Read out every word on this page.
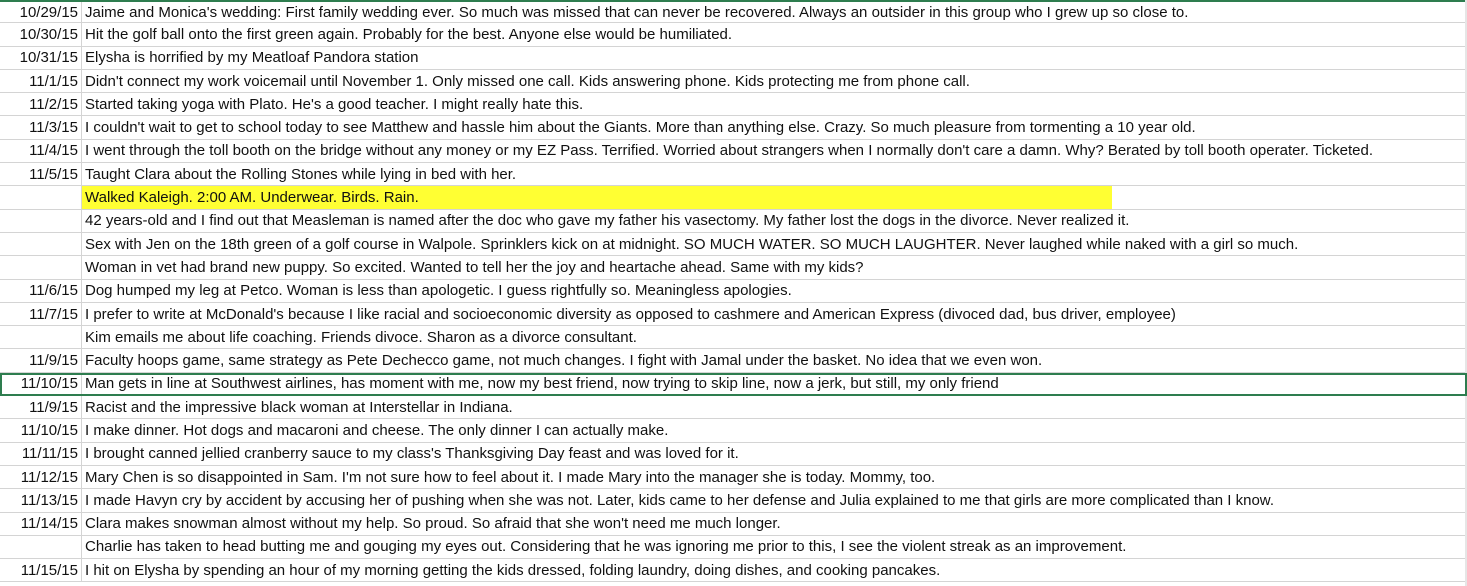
10/29/15 Jaime and Monica's wedding: First family wedding ever. So much was missed that can never be recovered. Always an outsider in this group who I grew up so close to.
10/30/15 Hit the golf ball onto the first green again. Probably for the best. Anyone else would be humiliated.
10/31/15 Elysha is horrified by my Meatloaf Pandora station
11/1/15 Didn't connect my work voicemail until November 1. Only missed one call. Kids answering phone. Kids protecting me from phone call.
11/2/15 Started taking yoga with Plato. He's a good teacher. I might really hate this.
11/3/15 I couldn't wait to get to school today to see Matthew and hassle him about the Giants. More than anything else. Crazy. So much pleasure from tormenting a 10 year old.
11/4/15 I went through the toll booth on the bridge without any money or my EZ Pass. Terrified. Worried about strangers when I normally don't care a damn. Why? Berated by toll booth operater. Ticketed.
11/5/15 Taught Clara about the Rolling Stones while lying in bed with her.
Walked Kaleigh. 2:00 AM. Underwear. Birds. Rain.
42 years-old and I find out that Measleman is named after the doc who gave my father his vasectomy. My father lost the dogs in the divorce. Never realized it.
Sex with Jen on the 18th green of a golf course in Walpole. Sprinklers kick on at midnight. SO MUCH WATER. SO MUCH LAUGHTER. Never laughed while naked with a girl so much.
Woman in vet had brand new puppy. So excited. Wanted to tell her the joy and heartache ahead. Same with my kids?
11/6/15 Dog humped my leg at Petco. Woman is less than apologetic. I guess rightfully so. Meaningless apologies.
11/7/15 I prefer to write at McDonald's because I like racial and socioeconomic diversity as opposed to cashmere and American Express (divoced dad, bus driver, employee)
Kim emails me about life coaching. Friends divoce. Sharon as a divorce consultant.
11/9/15 Faculty hoops game, same strategy as Pete Dechecco game, not much changes. I fight with Jamal under the basket. No idea that we even won.
11/10/15 Man gets in line at Southwest airlines, has moment with me, now my best friend, now trying to skip line, now a jerk, but still, my only friend
11/9/15 Racist and the impressive black woman at Interstellar in Indiana.
11/10/15 I make dinner. Hot dogs and macaroni and cheese. The only dinner I can actually make.
11/11/15 I brought canned jellied cranberry sauce to my class's Thanksgiving Day feast and was loved for it.
11/12/15 Mary Chen is so disappointed in Sam. I'm not sure how to feel about it. I made Mary into the manager she is today. Mommy, too.
11/13/15 I made Havyn cry by accident by accusing her of pushing when she was not. Later, kids came to her defense and Julia explained to me that girls are more complicated than I know.
11/14/15 Clara makes snowman almost without my help. So proud. So afraid that she won't need me much longer.
Charlie has taken to head butting me and gouging my eyes out. Considering that he was ignoring me prior to this, I see the violent streak as an improvement.
11/15/15 I hit on Elysha by spending an hour of my morning getting the kids dressed, folding laundry, doing dishes, and cooking pancakes.
